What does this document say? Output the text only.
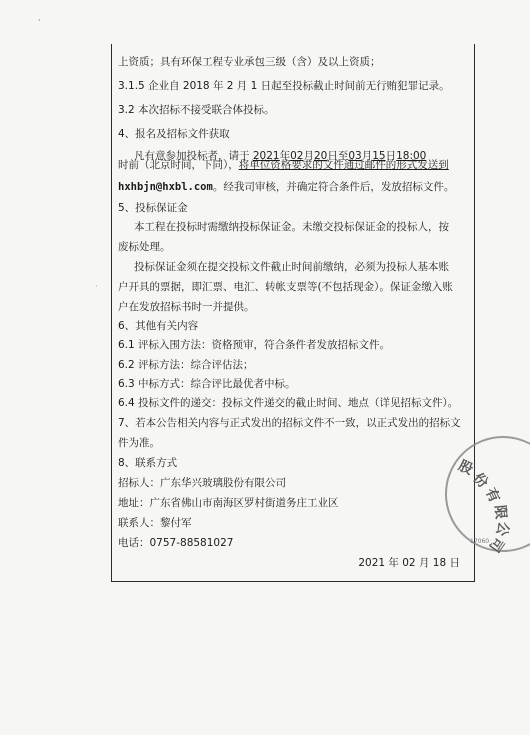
‘
·
上资质；具有环保工程专业承包三级（含）及以上资质；
3.1.5 企业自 2018 年 2 月 1 日起至投标截止时间前无行贿犯罪记录。
3.2 本次招标不接受联合体投标。
4、报名及招标文件获取
凡有意参加投标者，请于 2021年02月20日至03月15日18:00
时前（北京时间，下同），将单位资格要求的文件通过邮件的形式发送到
hxhbjn@hxbl.com。经我司审核，并确定符合条件后，发放招标文件。
5、投标保证金
本工程在投标时需缴纳投标保证金。未缴交投标保证金的投标人，按
废标处理。
投标保证金须在提交投标文件截止时间前缴纳，必须为投标人基本账
户开具的票据，即汇票、电汇、转帐支票等(不包括现金）。保证金缴入账
户在发放招标书时一并提供。
6、其他有关内容
6.1 评标入围方法：资格预审，符合条件者发放招标文件。
6.2 评标方法：综合评估法；
6.3 中标方式：综合评比最优者中标。
6.4 投标文件的递交：投标文件递交的截止时间、地点（详见招标文件）。
7、若本公告相关内容与正式发出的招标文件不一致，以正式发出的招标文
件为准。
8、联系方式
招标人：广东华兴玻璃股份有限公司
地址：广东省佛山市南海区罗村街道务庄工业区
联系人：黎付军
电话：0757-88581027
2021 年 02 月 18 日
股
份
有
限
公
司
17060
